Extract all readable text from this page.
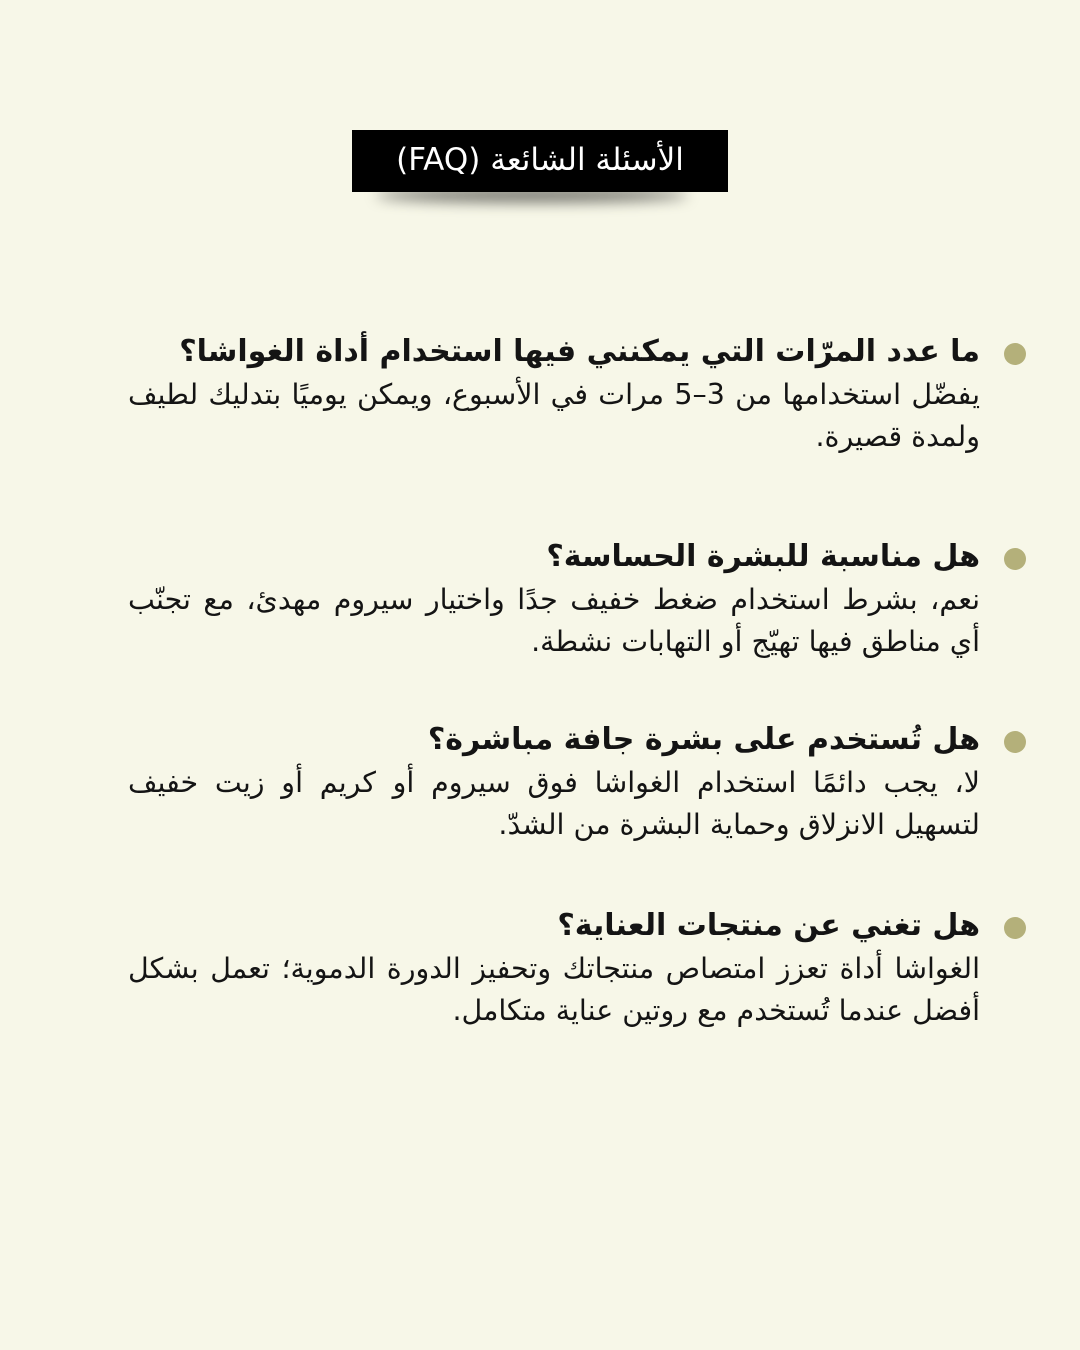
الأسئلة الشائعة (FAQ)
ما عدد المرّات التي يمكنني فيها استخدام أداة الغواشا؟

يفضّل استخدامها من 3–5 مرات في الأسبوع، ويمكن يوميًا بتدليك لطيف ولمدة قصيرة.

هل مناسبة للبشرة الحساسة؟

نعم، بشرط استخدام ضغط خفيف جدًا واختيار سيروم مهدئ، مع تجنّب أي مناطق فيها تهيّج أو التهابات نشطة.

هل تُستخدم على بشرة جافة مباشرة؟

لا، يجب دائمًا استخدام الغواشا فوق سيروم أو كريم أو زيت خفيف لتسهيل الانزلاق وحماية البشرة من الشدّ.

هل تغني عن منتجات العناية؟

الغواشا أداة تعزز امتصاص منتجاتك وتحفيز الدورة الدموية؛ تعمل بشكل أفضل عندما تُستخدم مع روتين عناية متكامل.
